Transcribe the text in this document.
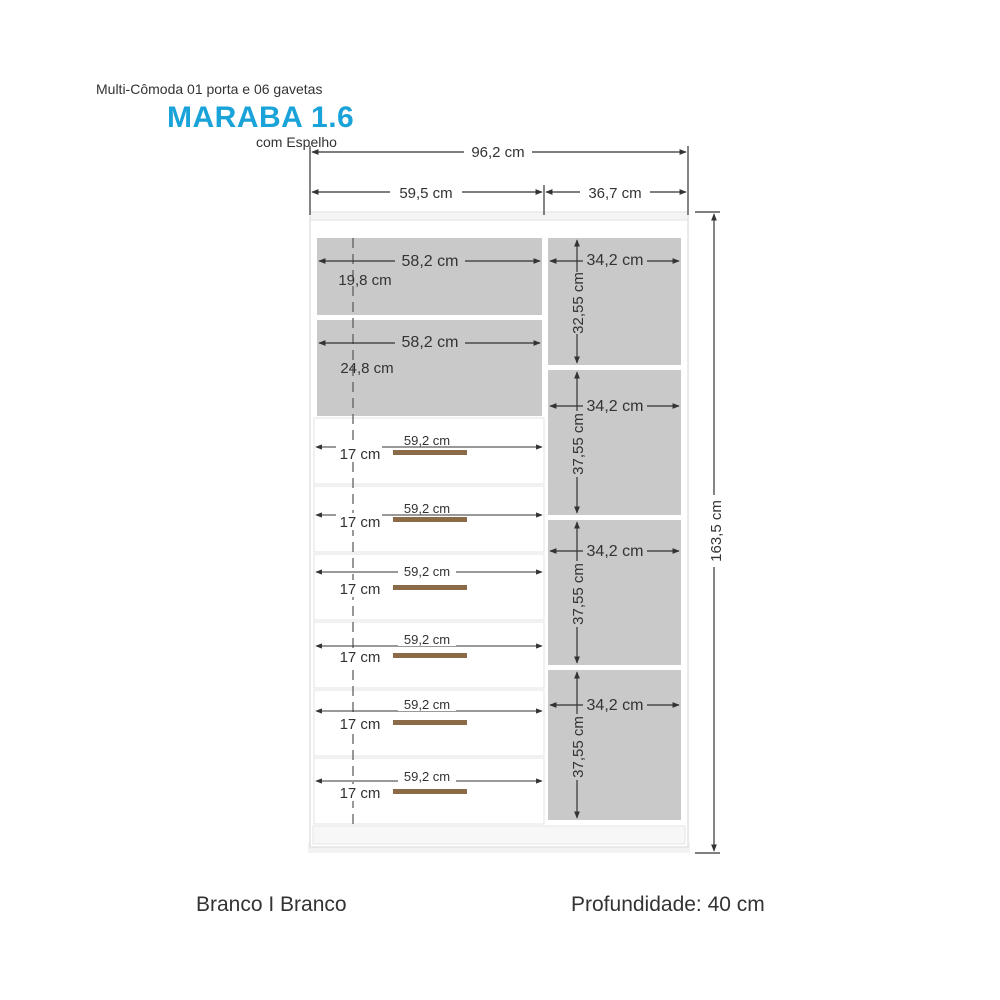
Multi-Cômoda 01 porta e 06 gavetas
MARABA 1.6
com Espelho
96,2 cm
59,5 cm	36,7 cm
163,5 cm
58,2 cm
58,2 cm
19,8 cm
24,8 cm
59,2 cm
59,2 cm
59,2 cm
59,2 cm
59,2 cm
59,2 cm
17 cm
17 cm
17 cm
17 cm
17 cm
17 cm
34,2 cm
34,2 cm
34,2 cm
34,2 cm
32,55 cm
37,55 cm
37,55 cm
37,55 cm
Branco I Branco	Profundidade: 40 cm
